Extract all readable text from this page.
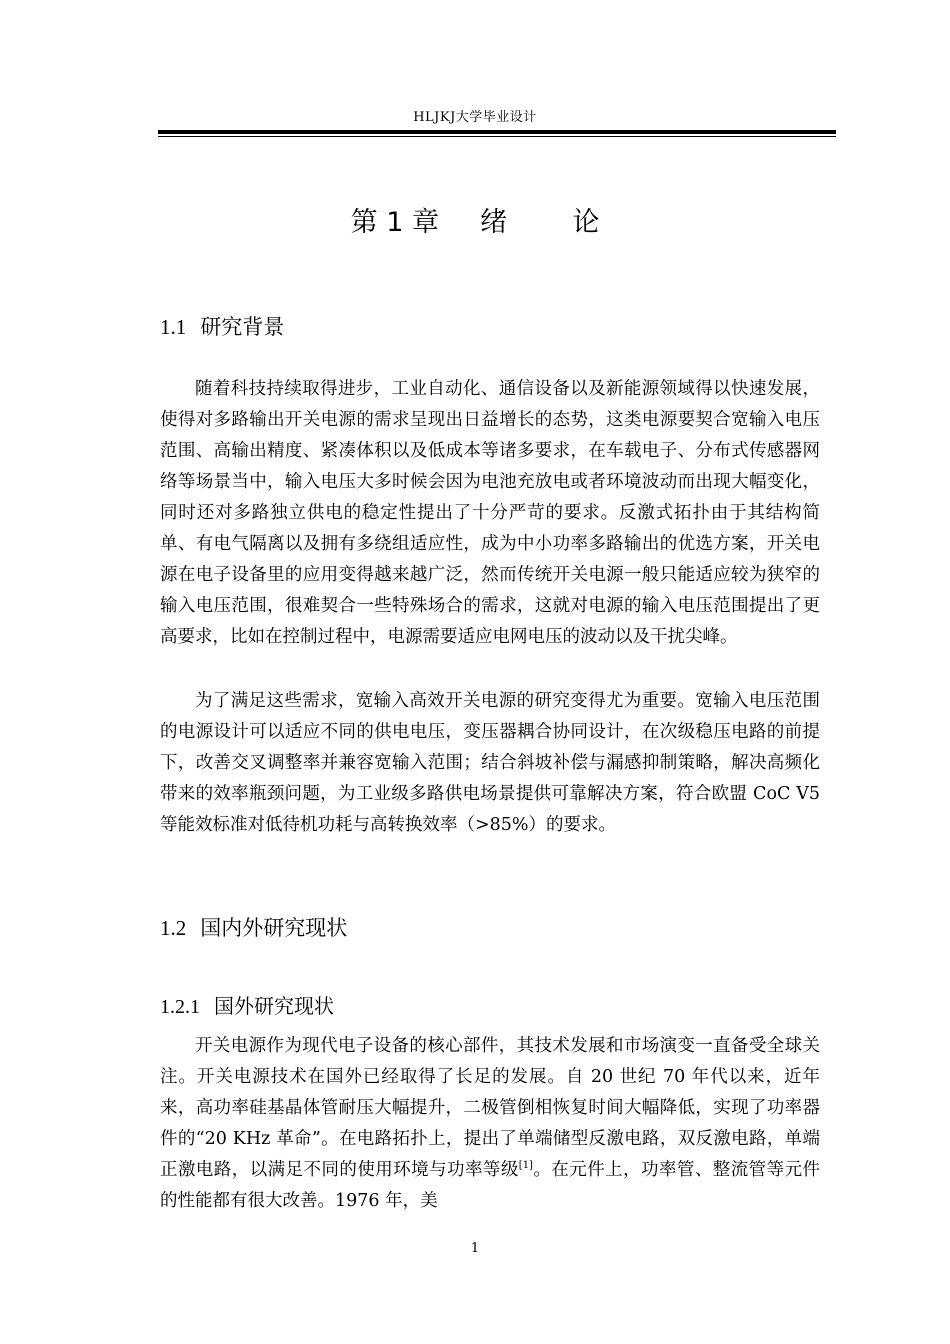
HLJKJ大学毕业设计
第 1 章 绪 论
1.1 研究背景

随着科技持续取得进步，工业自动化、通信设备以及新能源领域得以快速发展，使得对多路输出开关电源的需求呈现出日益增长的态势，这类电源要契合宽输入电压范围、高输出精度、紧凑体积以及低成本等诸多要求，在车载电子、分布式传感器网络等场景当中，输入电压大多时候会因为电池充放电或者环境波动而出现大幅变化，同时还对多路独立供电的稳定性提出了十分严苛的要求。反激式拓扑由于其结构简单、有电气隔离以及拥有多绕组适应性，成为中小功率多路输出的优选方案，开关电源在电子设备里的应用变得越来越广泛，然而传统开关电源一般只能适应较为狭窄的输入电压范围，很难契合一些特殊场合的需求，这就对电源的输入电压范围提出了更高要求，比如在控制过程中，电源需要适应电网电压的波动以及干扰尖峰。

为了满足这些需求，宽输入高效开关电源的研究变得尤为重要。宽输入电压范围的电源设计可以适应不同的供电电压，变压器耦合协同设计，在次级稳压电路的前提下，改善交叉调整率并兼容宽输入范围；结合斜坡补偿与漏感抑制策略，解决高频化带来的效率瓶颈问题，为工业级多路供电场景提供可靠解决方案，符合欧盟 CoC V5 等能效标准对低待机功耗与高转换效率（>85%）的要求。

1.2 国内外研究现状
1.2.1 国外研究现状

开关电源作为现代电子设备的核心部件，其技术发展和市场演变一直备受全球关注。开关电源技术在国外已经取得了长足的发展。自 20 世纪 70 年代以来，近年来，高功率硅基晶体管耐压大幅提升，二极管倒相恢复时间大幅降低，实现了功率器件的“20 KHz 革命”。在电路拓扑上，提出了单端储型反激电路，双反激电路，单端正激电路，以满足不同的使用环境与功率等级[1]。在元件上，功率管、整流管等元件的性能都有很大改善。1976 年，美

1
